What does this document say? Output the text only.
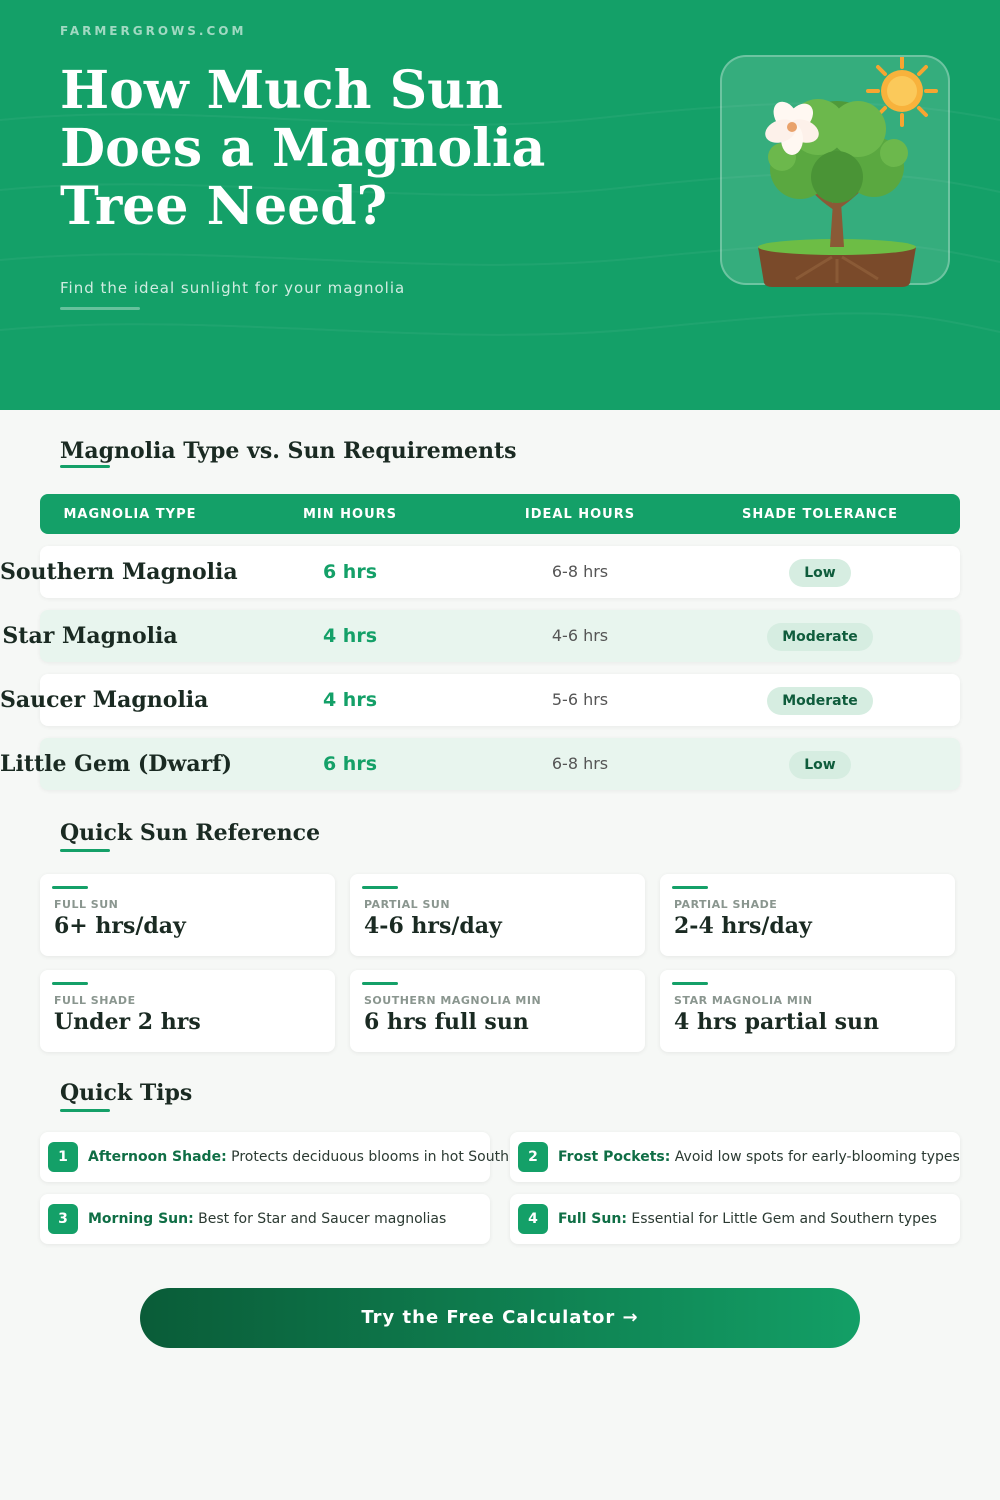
FARMERGROWS.COM
How Much Sun Does a Magnolia Tree Need?
Find the ideal sunlight for your magnolia
Magnolia Type vs. Sun Requirements
MAGNOLIA TYPE	MIN HOURS	IDEAL HOURS	SHADE TOLERANCE
Southern Magnolia	6 hrs	6-8 hrs	Low
Star Magnolia	4 hrs	4-6 hrs	Moderate
Saucer Magnolia	4 hrs	5-6 hrs	Moderate
Little Gem (Dwarf)	6 hrs	6-8 hrs	Low
Quick Sun Reference
FULL SUN
6+ hrs/day
PARTIAL SUN
4-6 hrs/day
PARTIAL SHADE
2-4 hrs/day
FULL SHADE
Under 2 hrs
SOUTHERN MAGNOLIA MIN
6 hrs full sun
STAR MAGNOLIA MIN
4 hrs partial sun
Quick Tips
1	Afternoon Shade: Protects deciduous blooms in hot South	2	Frost Pockets: Avoid low spots for early-blooming types
3	Morning Sun: Best for Star and Saucer magnolias	4	Full Sun: Essential for Little Gem and Southern types
Try the Free Calculator →
